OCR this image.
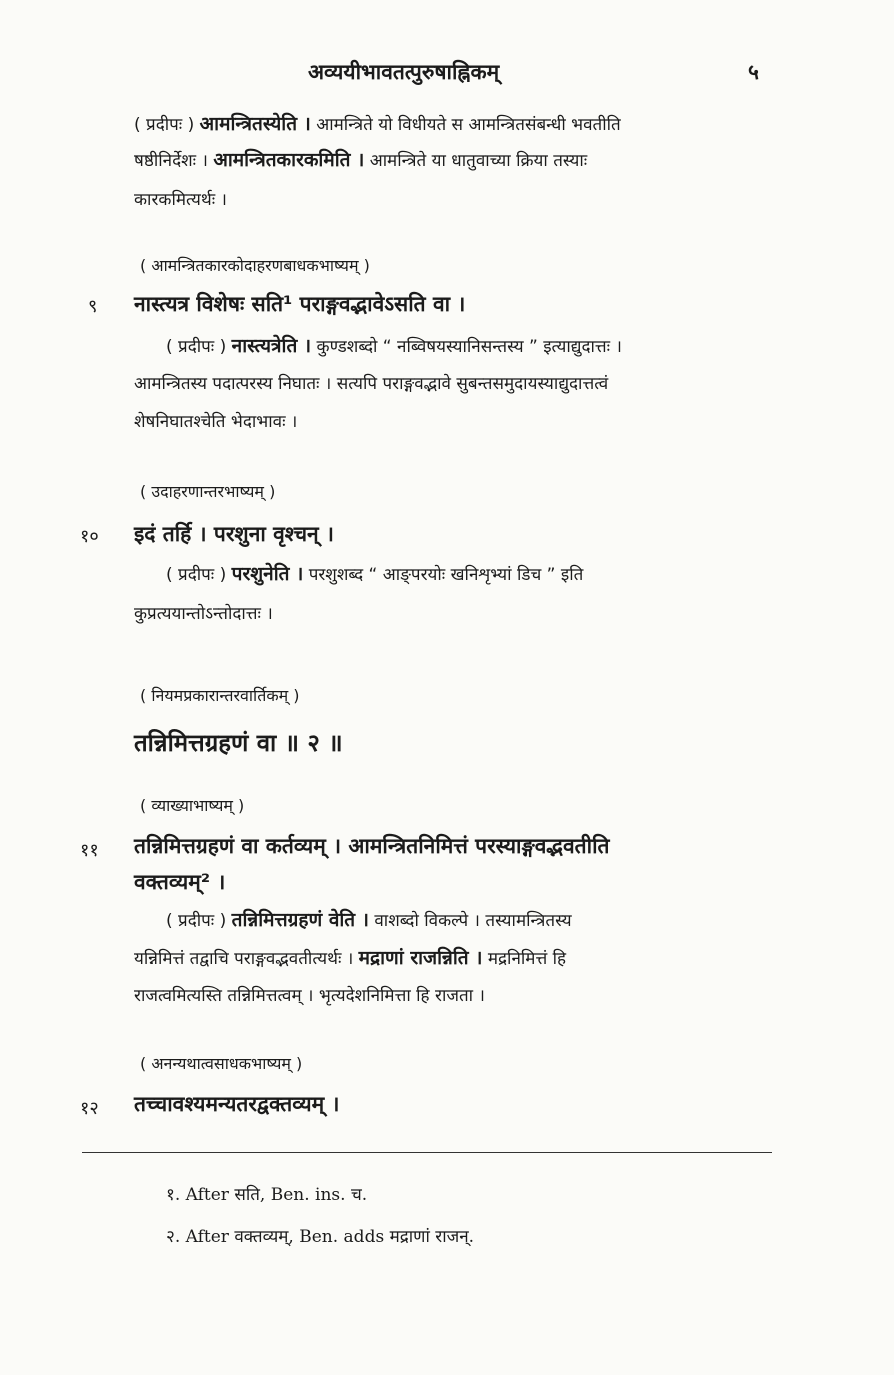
अव्ययीभावतत्पुरुषाह्निकम्	५
( प्रदीपः ) आमन्त्रितस्येति । आमन्त्रिते यो विधीयते स आमन्त्रितसंबन्धी भवतीति
षष्ठीनिर्देशः । आमन्त्रितकारकमिति । आमन्त्रिते या धातुवाच्या क्रिया तस्याः
कारकमित्यर्थः ।
( आमन्त्रितकारकोदाहरणबाधकभाष्यम् )
९ नास्त्यत्र विशेषः सति¹ पराङ्गवद्भावेऽसति वा ।
( प्रदीपः ) नास्त्यत्रेति । कुण्डशब्दो “ नब्विषयस्यानिसन्तस्य ” इत्याद्युदात्तः ।
आमन्त्रितस्य पदात्परस्य निघातः । सत्यपि पराङ्गवद्भावे सुबन्तसमुदायस्याद्युदात्तत्वं
शेषनिघातश्चेति भेदाभावः ।
( उदाहरणान्तरभाष्यम् )
१० इदं तर्हि । परशुना वृश्चन् ।
( प्रदीपः ) परशुनेति । परशुशब्द “ आङ्परयोः खनिशृभ्यां डिच ” इति
कुप्रत्ययान्तोऽन्तोदात्तः ।
( नियमप्रकारान्तरवार्तिकम् )
तन्निमित्तग्रहणं वा ॥ २ ॥
( व्याख्याभाष्यम् )
११ तन्निमित्तग्रहणं वा कर्तव्यम् । आमन्त्रितनिमित्तं परस्याङ्गवद्भवतीति
वक्तव्यम्² ।
( प्रदीपः ) तन्निमित्तग्रहणं वेति । वाशब्दो विकल्पे । तस्यामन्त्रितस्य
यन्निमित्तं तद्वाचि पराङ्गवद्भवतीत्यर्थः । मद्राणां राजन्निति । मद्रनिमित्तं हि
राजत्वमित्यस्ति तन्निमित्तत्वम् । भृत्यदेशनिमित्ता हि राजता ।
( अनन्यथात्वसाधकभाष्यम् )
१२ तच्चावश्यमन्यतरद्वक्तव्यम् ।
१. After सति, Ben. ins. च.
२. After वक्तव्यम्, Ben. adds मद्राणां राजन्.
